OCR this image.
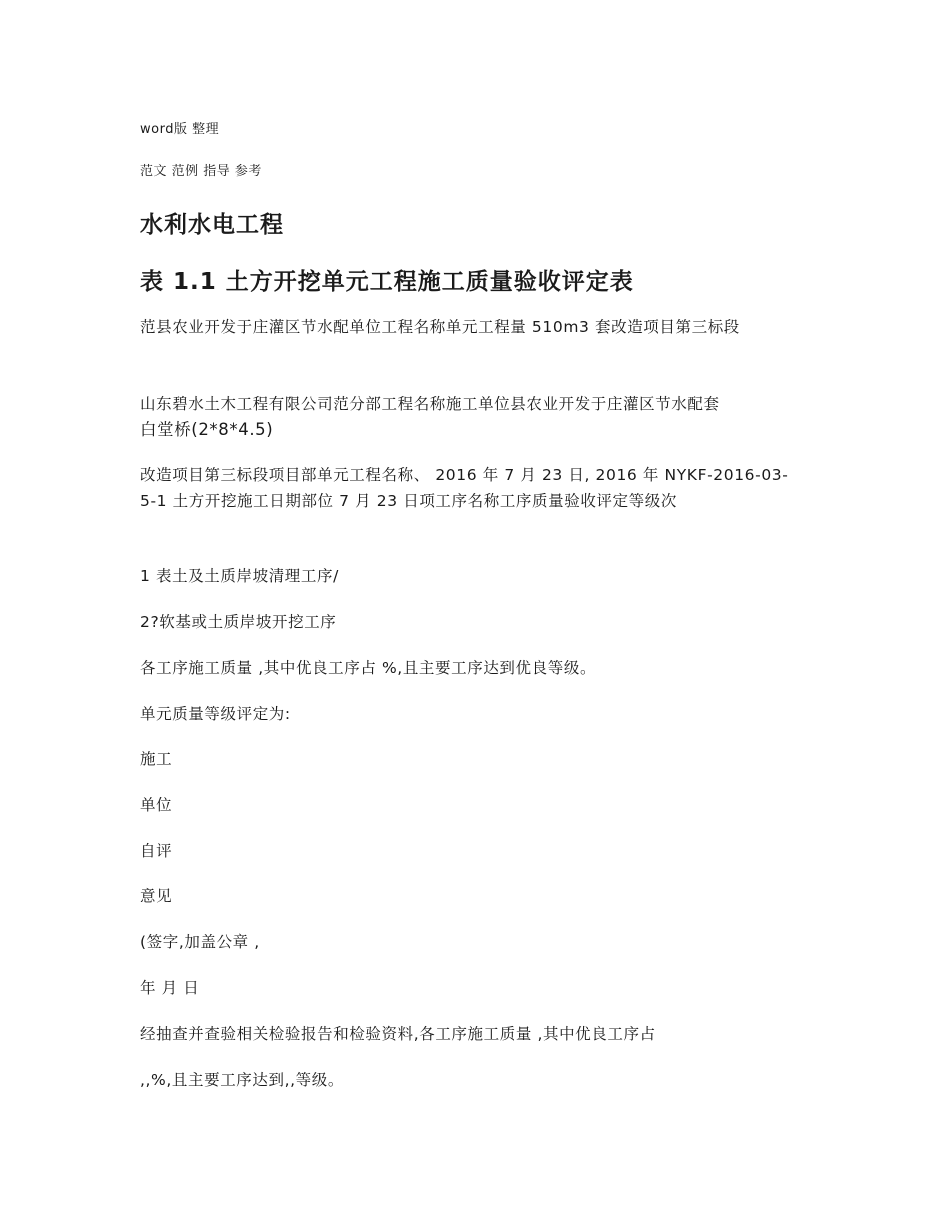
word版 整理
范文 范例 指导 参考
水利水电工程
表 1.1 土方开挖单元工程施工质量验收评定表
范县农业开发于庄灌区节水配单位工程名称单元工程量 510m3 套改造项目第三标段
山东碧水土木工程有限公司范分部工程名称施工单位县农业开发于庄灌区节水配套
白堂桥(2*8*4.5)
改造项目第三标段项目部单元工程名称、 2016 年 7 月 23 日, 2016 年 NYKF-2016-03-5-1 土方开挖施工日期部位 7 月 23 日项工序名称工序质量验收评定等级次
1 表土及土质岸坡清理工序/
2?软基或土质岸坡开挖工序
各工序施工质量 ,其中优良工序占 %,且主要工序达到优良等级。
单元质量等级评定为:
施工
单位
自评
意见
(签字,加盖公章 ,
年 月 日
经抽查并查验相关检验报告和检验资料,各工序施工质量 ,其中优良工序占
,,%,且主要工序达到,,等级。
